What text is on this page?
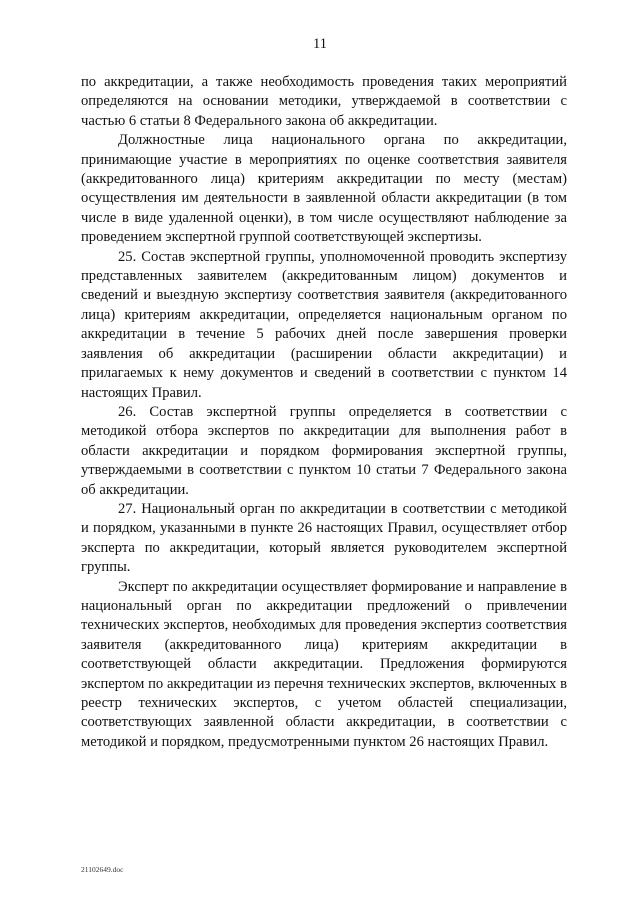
11

по аккредитации, а также необходимость проведения таких мероприятий определяются на основании методики, утверждаемой в соответствии с частью 6 статьи 8 Федерального закона об аккредитации.

Должностные лица национального органа по аккредитации, принимающие участие в мероприятиях по оценке соответствия заявителя (аккредитованного лица) критериям аккредитации по месту (местам) осуществления им деятельности в заявленной области аккредитации (в том числе в виде удаленной оценки), в том числе осуществляют наблюдение за проведением экспертной группой соответствующей экспертизы.

25. Состав экспертной группы, уполномоченной проводить экспертизу представленных заявителем (аккредитованным лицом) документов и сведений и выездную экспертизу соответствия заявителя (аккредитованного лица) критериям аккредитации, определяется национальным органом по аккредитации в течение 5 рабочих дней после завершения проверки заявления об аккредитации (расширении области аккредитации) и прилагаемых к нему документов и сведений в соответствии с пунктом 14 настоящих Правил.

26. Состав экспертной группы определяется в соответствии с методикой отбора экспертов по аккредитации для выполнения работ в области аккредитации и порядком формирования экспертной группы, утверждаемыми в соответствии с пунктом 10 статьи 7 Федерального закона об аккредитации.

27. Национальный орган по аккредитации в соответствии с методикой и порядком, указанными в пункте 26 настоящих Правил, осуществляет отбор эксперта по аккредитации, который является руководителем экспертной группы.

Эксперт по аккредитации осуществляет формирование и направление в национальный орган по аккредитации предложений о привлечении технических экспертов, необходимых для проведения экспертиз соответствия заявителя (аккредитованного лица) критериям аккредитации в соответствующей области аккредитации. Предложения формируются экспертом по аккредитации из перечня технических экспертов, включенных в реестр технических экспертов, с учетом областей специализации, соответствующих заявленной области аккредитации, в соответствии с методикой и порядком, предусмотренными пунктом 26 настоящих Правил.

21102649.doc
